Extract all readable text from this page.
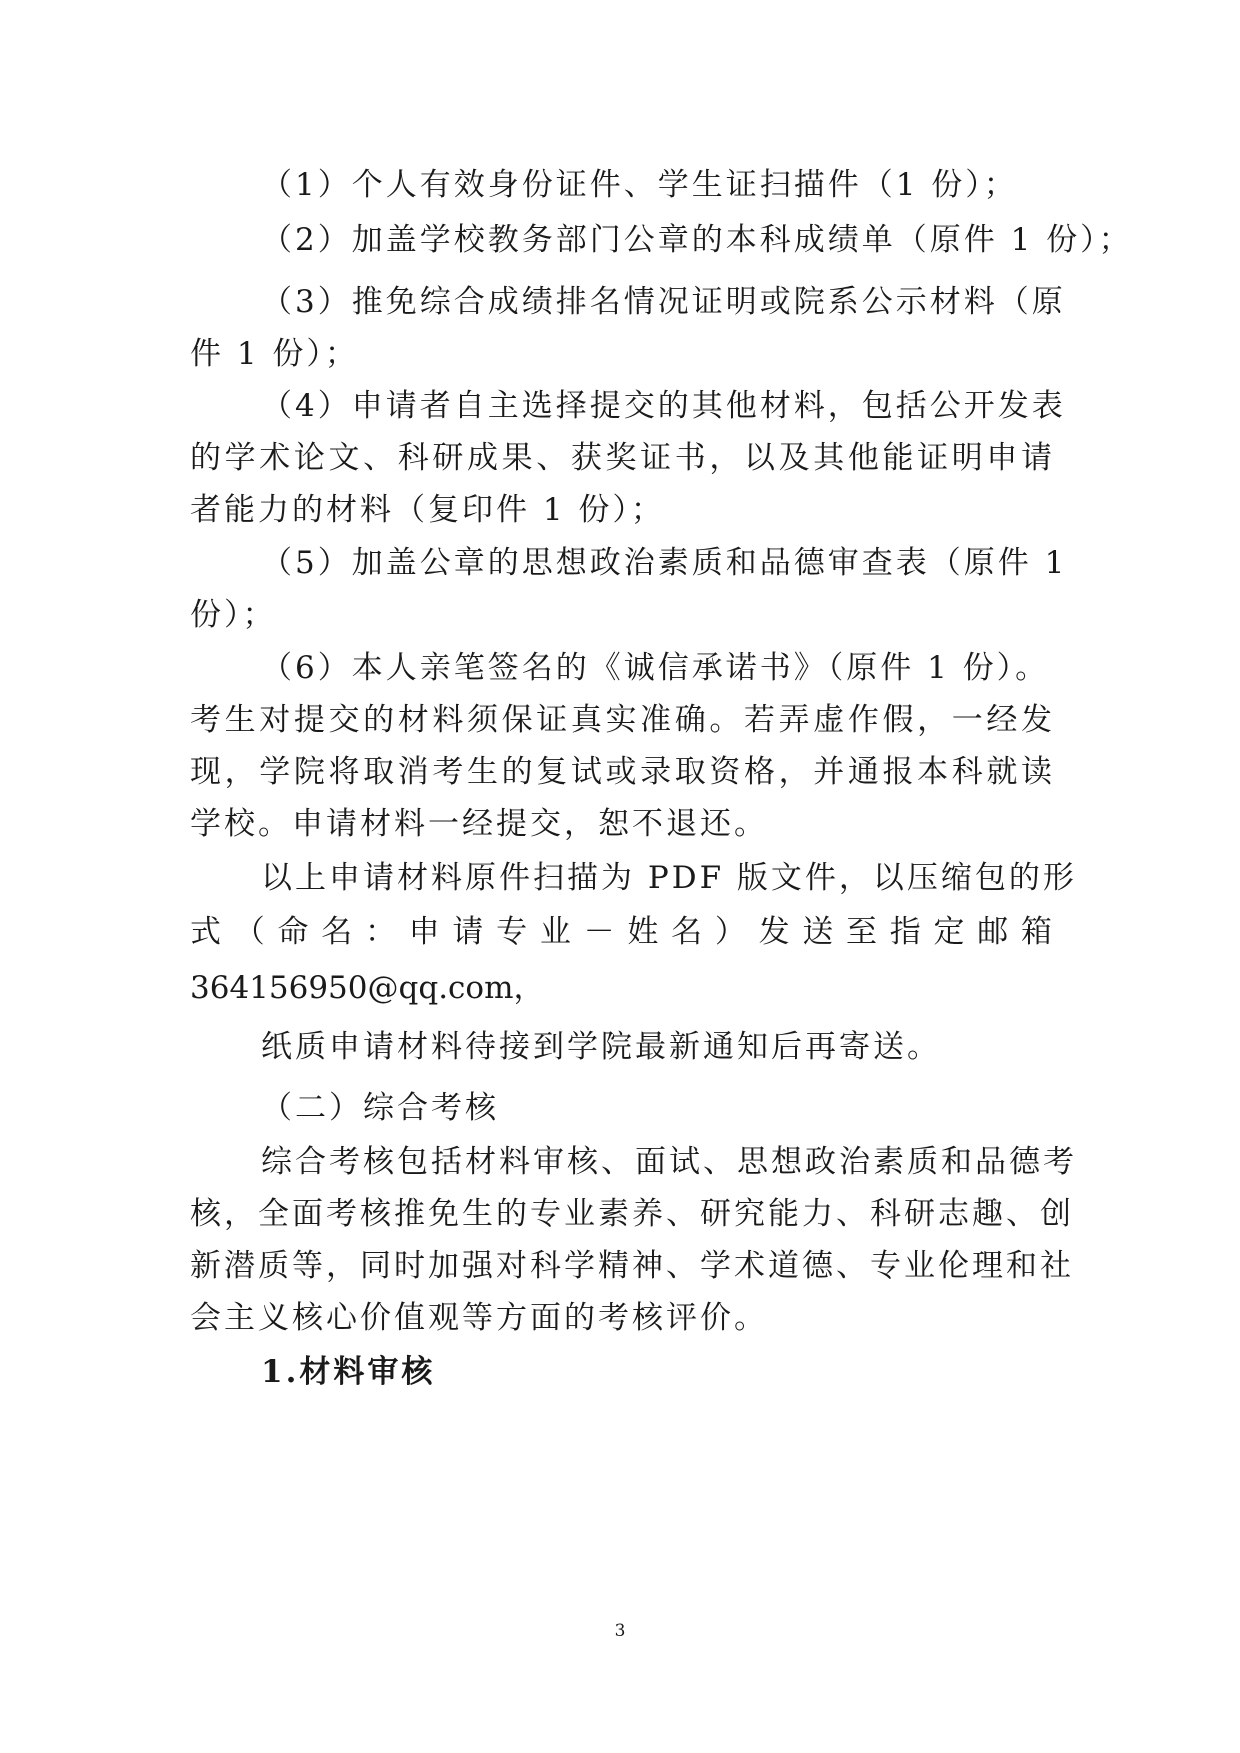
（1）个人有效身份证件、学生证扫描件（1 份）；
（2）加盖学校教务部门公章的本科成绩单（原件 1 份）；
（3）推免综合成绩排名情况证明或院系公示材料（原
件 1 份）；
（4）申请者自主选择提交的其他材料，包括公开发表
的学术论文、科研成果、获奖证书，以及其他能证明申请
者能力的材料（复印件 1 份）；
（5）加盖公章的思想政治素质和品德审查表（原件 1
份）；
（6）本人亲笔签名的《诚信承诺书》（原件 1 份）。
考生对提交的材料须保证真实准确。若弄虚作假，一经发
现，学院将取消考生的复试或录取资格，并通报本科就读
学校。申请材料一经提交，恕不退还。
以上申请材料原件扫描为 PDF 版文件，以压缩包的形
式（命名：申请专业－姓名）发送至指定邮箱
364156950@qq.com，
纸质申请材料待接到学院最新通知后再寄送。
（二）综合考核
综合考核包括材料审核、面试、思想政治素质和品德考
核，全面考核推免生的专业素养、研究能力、科研志趣、创
新潜质等，同时加强对科学精神、学术道德、专业伦理和社
会主义核心价值观等方面的考核评价。
1.材料审核
3
